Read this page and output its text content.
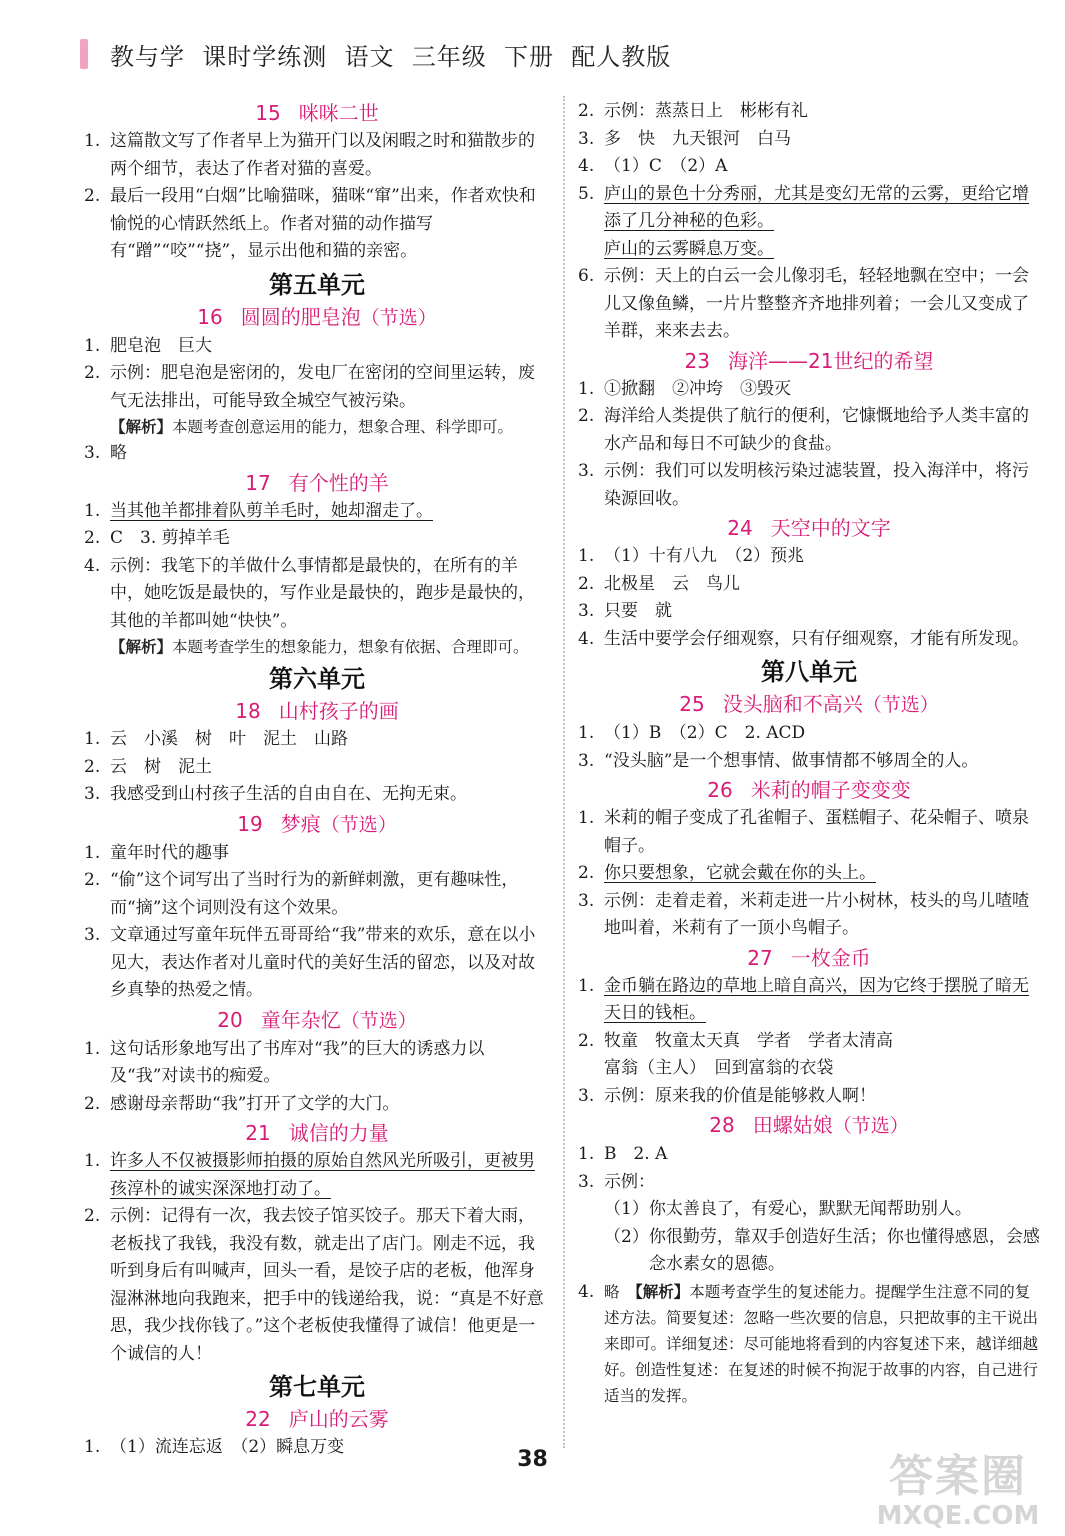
教与学  课时学练测  语文  三年级  下册  配人教版
15 咪咪二世
1. 这篇散文写了作者早上为猫开门以及闲暇之时和猫散步的两个细节，表达了作者对猫的喜爱。
2. 最后一段用“白烟”比喻猫咪，猫咪“窜”出来，作者欢快和愉悦的心情跃然纸上。作者对猫的动作描写有“蹭”“咬”“挠”，显示出他和猫的亲密。
第五单元
16 圆圆的肥皂泡（节选）
1. 肥皂泡　巨大
2. 示例：肥皂泡是密闭的，发电厂在密闭的空间里运转，废气无法排出，可能导致全城空气被污染。
【解析】本题考查创意运用的能力，想象合理、科学即可。
3. 略
17 有个性的羊
1. 当其他羊都排着队剪羊毛时，她却溜走了。
2. C　3. 剪掉羊毛
4. 示例：我笔下的羊做什么事情都是最快的，在所有的羊中，她吃饭是最快的，写作业是最快的，跑步是最快的，其他的羊都叫她“快快”。
【解析】本题考查学生的想象能力，想象有依据、合理即可。
第六单元
18 山村孩子的画
1. 云　小溪　树　叶　泥土　山路
2. 云　树　泥土
3. 我感受到山村孩子生活的自由自在、无拘无束。
19 梦痕（节选）
1. 童年时代的趣事
2. “偷”这个词写出了当时行为的新鲜刺激，更有趣味性，而“摘”这个词则没有这个效果。
3. 文章通过写童年玩伴五哥哥给“我”带来的欢乐，意在以小见大，表达作者对儿童时代的美好生活的留恋，以及对故乡真挚的热爱之情。
20 童年杂忆（节选）
1. 这句话形象地写出了书库对“我”的巨大的诱惑力以及“我”对读书的痴爱。
2. 感谢母亲帮助“我”打开了文学的大门。
21 诚信的力量
1. 许多人不仅被摄影师拍摄的原始自然风光所吸引，更被男孩淳朴的诚实深深地打动了。
2. 示例：记得有一次，我去饺子馆买饺子。那天下着大雨，老板找了我钱，我没有数，就走出了店门。刚走不远，我听到身后有叫喊声，回头一看，是饺子店的老板，他浑身湿淋淋地向我跑来，把手中的钱递给我，说：“真是不好意思，我少找你钱了。”这个老板使我懂得了诚信！他更是一个诚信的人！
第七单元
22 庐山的云雾
1. （1）流连忘返　（2）瞬息万变
2. 示例：蒸蒸日上　彬彬有礼
3. 多　快　九天银河　白马
4. （1）C　（2）A
5. 庐山的景色十分秀丽，尤其是变幻无常的云雾，更给它增添了几分神秘的色彩。
庐山的云雾瞬息万变。
6. 示例：天上的白云一会儿像羽毛，轻轻地飘在空中；一会儿又像鱼鳞，一片片整整齐齐地排列着；一会儿又变成了羊群，来来去去。
23 海洋——21世纪的希望
1. ①掀翻　②冲垮　③毁灭
2. 海洋给人类提供了航行的便利，它慷慨地给予人类丰富的水产品和每日不可缺少的食盐。
3. 示例：我们可以发明核污染过滤装置，投入海洋中，将污染源回收。
24 天空中的文字
1. （1）十有八九　（2）预兆
2. 北极星　云　鸟儿
3. 只要　就
4. 生活中要学会仔细观察，只有仔细观察，才能有所发现。
第八单元
25 没头脑和不高兴（节选）
1. （1）B　（2）C　2. ACD
3. “没头脑”是一个想事情、做事情都不够周全的人。
26 米莉的帽子变变变
1. 米莉的帽子变成了孔雀帽子、蛋糕帽子、花朵帽子、喷泉帽子。
2. 你只要想象，它就会戴在你的头上。
3. 示例：走着走着，米莉走进一片小树林，枝头的鸟儿喳喳地叫着，米莉有了一顶小鸟帽子。
27 一枚金币
1. 金币躺在路边的草地上暗自高兴，因为它终于摆脱了暗无天日的钱柜。
2. 牧童　牧童太天真　学者　学者太清高
富翁（主人）　回到富翁的衣袋
3. 示例：原来我的价值是能够救人啊！
28 田螺姑娘（节选）
1. B　2. A
3. 示例：
（1） 你太善良了，有爱心，默默无闻帮助别人。
（2） 你很勤劳，靠双手创造好生活；你也懂得感恩，会感念水素女的恩德。
4. 略　【解析】本题考查学生的复述能力。提醒学生注意不同的复述方法。简要复述：忽略一些次要的信息，只把故事的主干说出来即可。详细复述：尽可能地将看到的内容复述下来，越详细越好。创造性复述：在复述的时候不拘泥于故事的内容，自己进行适当的发挥。
38	答案圈
MXQE.COM
